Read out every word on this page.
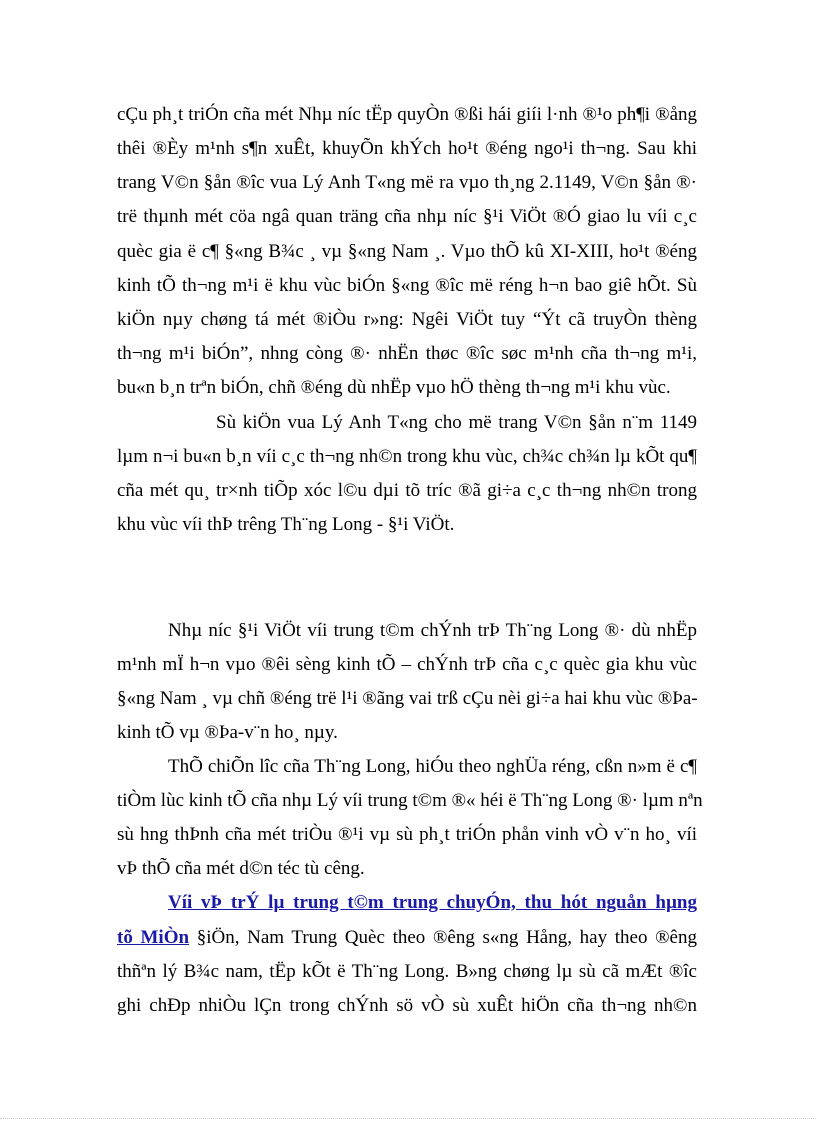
cÇu ph¸t triÓn cña mét Nhµ níc tËp quyÒn ®ßi hái giíi l·nh ®¹o ph¶i ®ång
thêi ®Èy m¹nh s¶n xuÊt, khuyÕn khÝch ho¹t ®éng ngo¹i th¬ng. Sau khi
trang V©n §ån ®îc vua Lý Anh T«ng më ra vµo th¸ng 2.1149, V©n §ån ®·
trë thµnh mét cöa ngâ quan träng cña nhµ níc §¹i ViÖt ®Ó giao lu víi c¸c
quèc gia ë c¶ §«ng B¾c ¸ vµ §«ng Nam ¸. Vµo thÕ kû XI-XIII, ho¹t ®éng
kinh tÕ th¬ng m¹i ë khu vùc biÓn §«ng ®îc më réng h¬n bao giê hÕt. Sù
kiÖn nµy chøng tá mét ®iÒu r»ng: Ngêi ViÖt tuy “Ýt cã truyÒn thèng
th¬ng m¹i biÓn”, nhng còng ®· nhËn thøc ®îc søc m¹nh cña th¬ng m¹i,
bu«n b¸n trªn biÓn, chñ ®éng dù nhËp vµo hÖ thèng th¬ng m¹i khu vùc.
Sù kiÖn vua Lý Anh T«ng cho më trang V©n §ån n¨m 1149
lµm n¬i bu«n b¸n víi c¸c th¬ng nh©n trong khu vùc, ch¾c ch¾n lµ kÕt qu¶
cña mét qu¸ tr×nh tiÕp xóc l©u dµi tõ tríc ®ã gi÷a c¸c th¬ng nh©n trong
khu vùc víi thÞ trêng Th¨ng Long - §¹i ViÖt.
Nhµ níc §¹i ViÖt víi trung t©m chÝnh trÞ Th¨ng Long ®· dù nhËp
m¹nh mÏ h¬n vµo ®êi sèng kinh tÕ – chÝnh trÞ cña c¸c quèc gia khu vùc
§«ng Nam ¸ vµ chñ ®éng trë l¹i ®ãng vai trß cÇu nèi gi÷a hai khu vùc ®Þa-
kinh tÕ vµ ®Þa-v¨n ho¸ nµy.
ThÕ chiÕn lîc cña Th¨ng Long, hiÓu theo nghÜa réng, cßn n»m ë c¶
tiÒm lùc kinh tÕ cña nhµ Lý víi trung t©m ®« héi ë Th¨ng Long ®· lµm nªn
sù hng thÞnh cña mét triÒu ®¹i vµ sù ph¸t triÓn phån vinh vÒ v¨n ho¸ víi
vÞ thÕ cña mét d©n téc tù cêng.
Víi vÞ trÝ lµ trung t©m trung chuyÓn, thu hót nguån hµng
tõ MiÒn §iÖn, Nam Trung Quèc theo ®êng s«ng Hång, hay theo ®êng
thñªn lý B¾c nam, tËp kÕt ë Th¨ng Long. B»ng chøng lµ sù cã mÆt ®îc
ghi chÐp nhiÒu lÇn trong chÝnh sö vÒ sù xuÊt hiÖn cña th¬ng nh©n
